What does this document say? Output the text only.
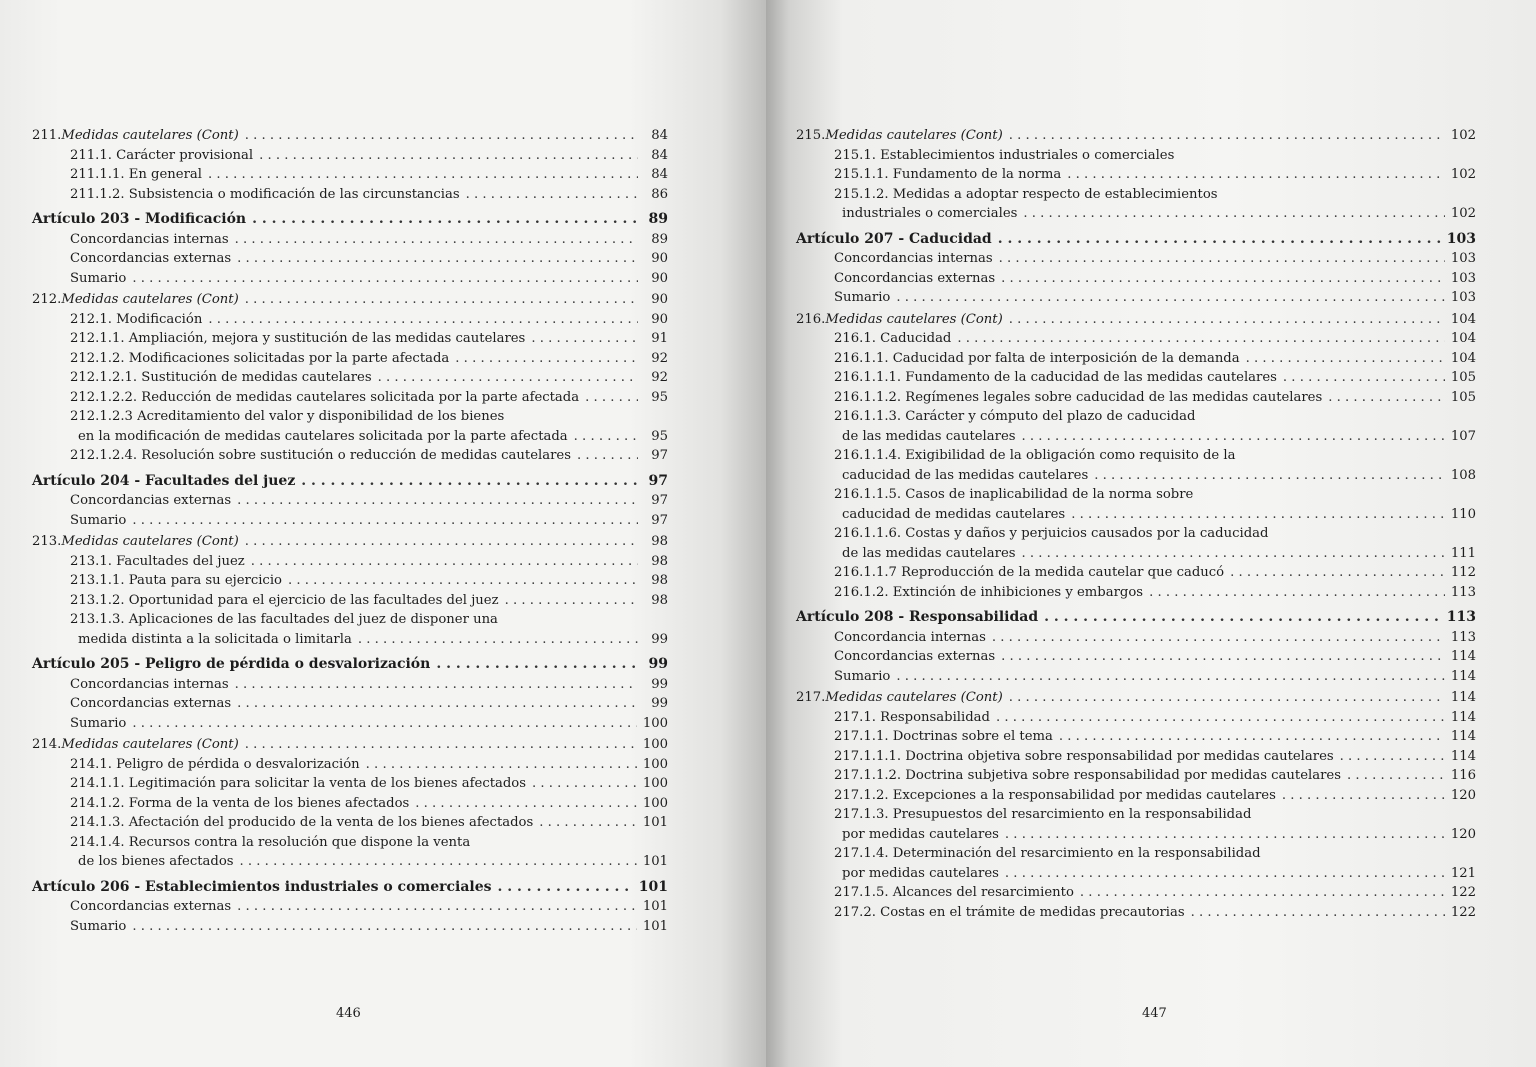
211. Medidas cautelares (Cont) . . .	84
211.1. Carácter provisional . . .	84
211.1.1. En general . . .	84
211.1.2. Subsistencia o modificación de las circunstancias . . .	86
Artículo 203 - Modificación . . .	89
Concordancias internas . . .	89
Concordancias externas . . .	90
Sumario . . .	90
212. Medidas cautelares (Cont) . . .	90
212.1. Modificación . . .	90
212.1.1. Ampliación, mejora y sustitución de las medidas cautelares . . .	91
212.1.2. Modificaciones solicitadas por la parte afectada . . .	92
212.1.2.1. Sustitución de medidas cautelares . . .	92
212.1.2.2. Reducción de medidas cautelares solicitada por la parte afectada . . .	95
212.1.2.3 Acreditamiento del valor y disponibilidad de los bienes
en la modificación de medidas cautelares solicitada por la parte afectada . . .	95
212.1.2.4. Resolución sobre sustitución o reducción de medidas cautelares . . .	97
Artículo 204 - Facultades del juez . . .	97
Concordancias externas . . .	97
Sumario . . .	97
213. Medidas cautelares (Cont) . . .	98
213.1. Facultades del juez . . .	98
213.1.1. Pauta para su ejercicio . . .	98
213.1.2. Oportunidad para el ejercicio de las facultades del juez . . .	98
213.1.3. Aplicaciones de las facultades del juez de disponer una
medida distinta a la solicitada o limitarla . . .	99
Artículo 205 - Peligro de pérdida o desvalorización . . .	99
Concordancias internas . . .	99
Concordancias externas . . .	99
Sumario . . .	100
214. Medidas cautelares (Cont) . . .	100
214.1. Peligro de pérdida o desvalorización . . .	100
214.1.1. Legitimación para solicitar la venta de los bienes afectados . . .	100
214.1.2. Forma de la venta de los bienes afectados . . .	100
214.1.3. Afectación del producido de la venta de los bienes afectados . . .	101
214.1.4. Recursos contra la resolución que dispone la venta
de los bienes afectados . . .	101
Artículo 206 - Establecimientos industriales o comerciales . . .	101
Concordancias externas . . .	101
Sumario . . .	101
446
215. Medidas cautelares (Cont) . . .	102
215.1. Establecimientos industriales o comerciales
215.1.1. Fundamento de la norma . . .	102
215.1.2. Medidas a adoptar respecto de establecimientos
industriales o comerciales . . .	102
Artículo 207 - Caducidad . . .	103
Concordancias internas . . .	103
Concordancias externas . . .	103
Sumario . . .	103
216. Medidas cautelares (Cont) . . .	104
216.1. Caducidad . . .	104
216.1.1. Caducidad por falta de interposición de la demanda . . .	104
216.1.1.1. Fundamento de la caducidad de las medidas cautelares . . .	105
216.1.1.2. Regímenes legales sobre caducidad de las medidas cautelares . . .	105
216.1.1.3. Carácter y cómputo del plazo de caducidad
de las medidas cautelares . . .	107
216.1.1.4. Exigibilidad de la obligación como requisito de la
caducidad de las medidas cautelares . . .	108
216.1.1.5. Casos de inaplicabilidad de la norma sobre
caducidad de medidas cautelares . . .	110
216.1.1.6. Costas y daños y perjuicios causados por la caducidad
de las medidas cautelares . . .	111
216.1.1.7 Reproducción de la medida cautelar que caducó . . .	112
216.1.2. Extinción de inhibiciones y embargos . . .	113
Artículo 208 - Responsabilidad . . .	113
Concordancia internas . . .	113
Concordancias externas . . .	114
Sumario . . .	114
217. Medidas cautelares (Cont) . . .	114
217.1. Responsabilidad . . .	114
217.1.1. Doctrinas sobre el tema . . .	114
217.1.1.1. Doctrina objetiva sobre responsabilidad por medidas cautelares . . .	114
217.1.1.2. Doctrina subjetiva sobre responsabilidad por medidas cautelares . . .	116
217.1.2. Excepciones a la responsabilidad por medidas cautelares . . .	120
217.1.3. Presupuestos del resarcimiento en la responsabilidad
por medidas cautelares . . .	120
217.1.4. Determinación del resarcimiento en la responsabilidad
por medidas cautelares . . .	121
217.1.5. Alcances del resarcimiento . . .	122
217.2. Costas en el trámite de medidas precautorias . . .	122
447
